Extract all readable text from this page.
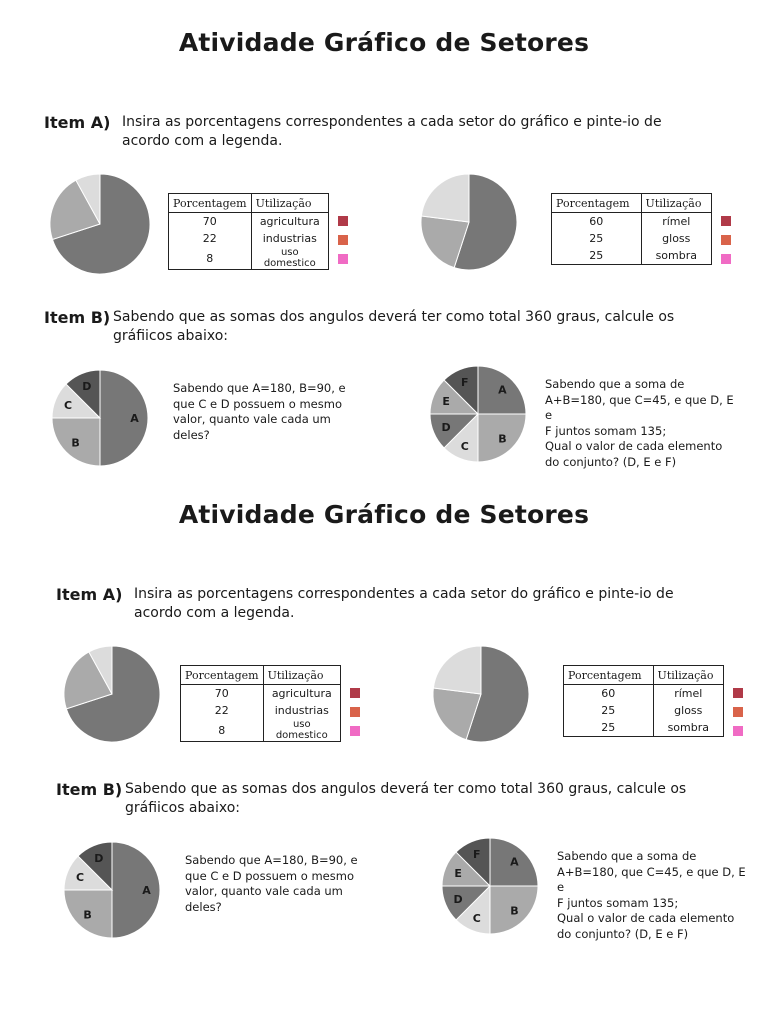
Atividade Gráfico de Setores
Item A) Insira as porcentagens correspondentes a cada setor do gráfico e pinte-io de acordo com a legenda.
Porcentagem	Utilização
70	agricultura
22	industrias
8	uso domestico
Porcentagem	Utilização
60	rímel
25	gloss
25	sombra
Item B) Sabendo que as somas dos angulos deverá ter como total 360 graus, calcule os gráfiicos abaixo:
A
B
C
D	Sabendo que A=180, B=90, e que C e D possuem o mesmo valor, quanto vale cada um deles?
A
B
C
D
E
F	Sabendo que a soma de
A+B=180, que C=45, e que D, E e
F juntos somam 135;
Qual o valor de cada elemento
do conjunto? (D, E e F)
Atividade Gráfico de Setores
Item A) Insira as porcentagens correspondentes a cada setor do gráfico e pinte-io de acordo com a legenda.
Porcentagem	Utilização
70	agricultura
22	industrias
8	uso domestico
Porcentagem	Utilização
60	rímel
25	gloss
25	sombra
Item B) Sabendo que as somas dos angulos deverá ter como total 360 graus, calcule os gráfiicos abaixo:
A
B
C
D	Sabendo que A=180, B=90, e que C e D possuem o mesmo valor, quanto vale cada um deles?
A
B
C
D
E
F	Sabendo que a soma de
A+B=180, que C=45, e que D, E e
F juntos somam 135;
Qual o valor de cada elemento
do conjunto? (D, E e F)
